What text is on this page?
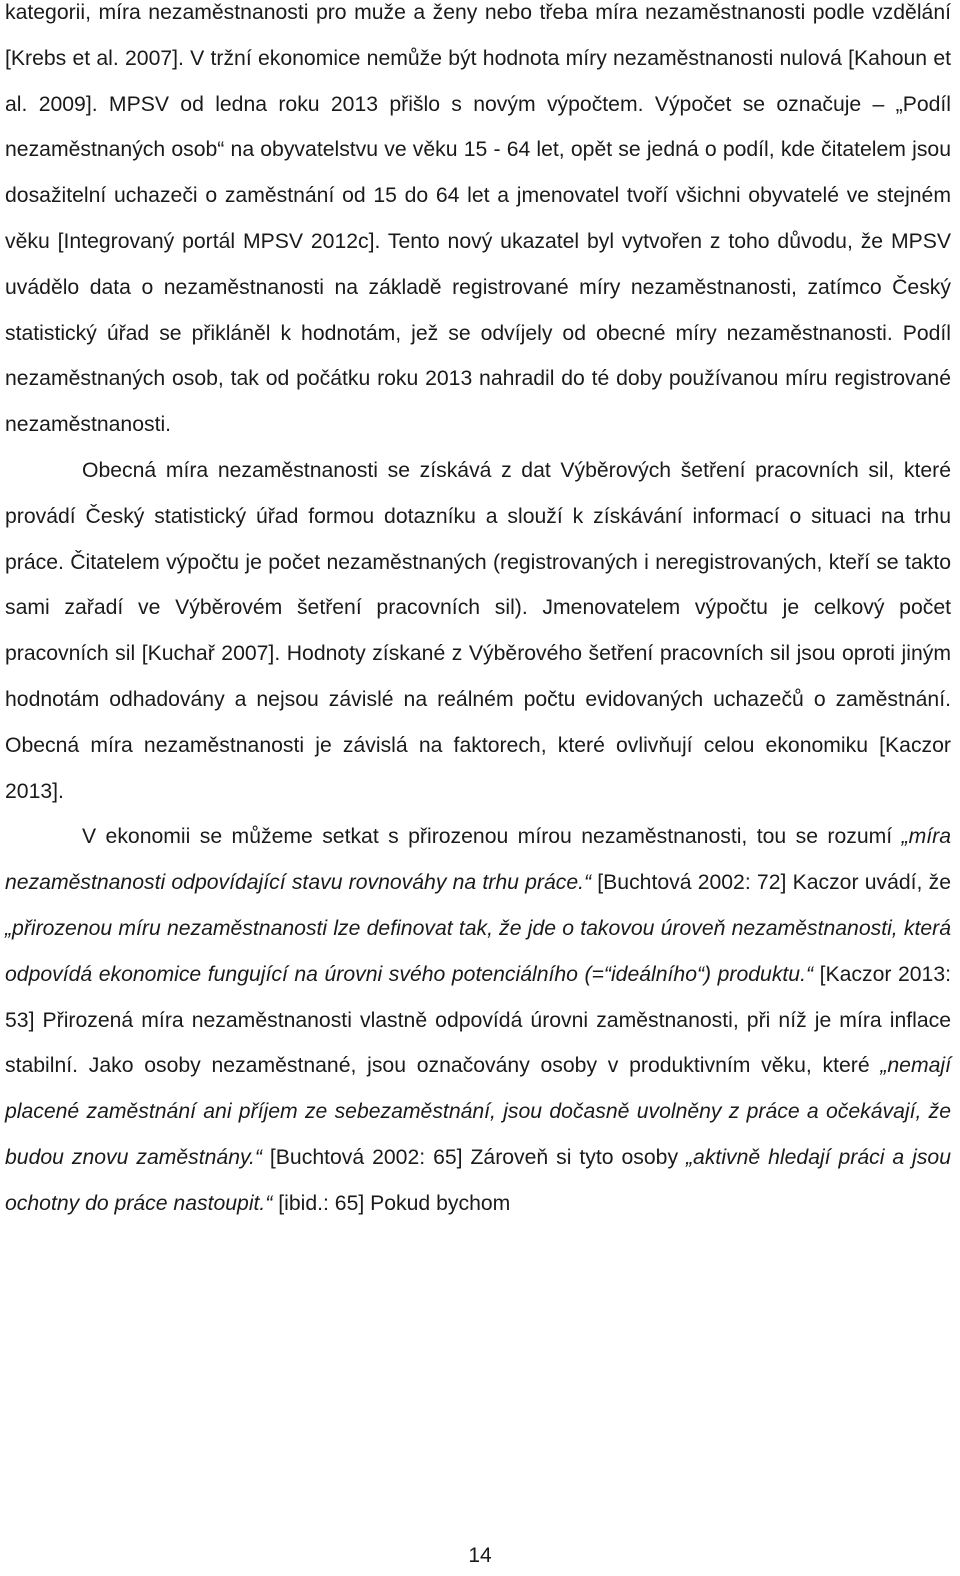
kategorii, míra nezaměstnanosti pro muže a ženy nebo třeba míra nezaměstnanosti podle vzdělání [Krebs et al. 2007]. V tržní ekonomice nemůže být hodnota míry nezaměstnanosti nulová [Kahoun et al. 2009]. MPSV od ledna roku 2013 přišlo s novým výpočtem. Výpočet se označuje – „Podíl nezaměstnaných osob“ na obyvatelstvu ve věku 15 - 64 let, opět se jedná o podíl, kde čitatelem jsou dosažitelní uchazeči o zaměstnání od 15 do 64 let a jmenovatel tvoří všichni obyvatelé ve stejném věku [Integrovaný portál MPSV 2012c]. Tento nový ukazatel byl vytvořen z toho důvodu, že MPSV uvádělo data o nezaměstnanosti na základě registrované míry nezaměstnanosti, zatímco Český statistický úřad se přikláněl k hodnotám, jež se odvíjely od obecné míry nezaměstnanosti. Podíl nezaměstnaných osob, tak od počátku roku 2013 nahradil do té doby používanou míru registrované nezaměstnanosti.

Obecná míra nezaměstnanosti se získává z dat Výběrových šetření pracovních sil, které provádí Český statistický úřad formou dotazníku a slouží k získávání informací o situaci na trhu práce. Čitatelem výpočtu je počet nezaměstnaných (registrovaných i neregistrovaných, kteří se takto sami zařadí ve Výběrovém šetření pracovních sil). Jmenovatelem výpočtu je celkový počet pracovních sil [Kuchař 2007]. Hodnoty získané z Výběrového šetření pracovních sil jsou oproti jiným hodnotám odhadovány a nejsou závislé na reálném počtu evidovaných uchazečů o zaměstnání. Obecná míra nezaměstnanosti je závislá na faktorech, které ovlivňují celou ekonomiku [Kaczor 2013].

V ekonomii se můžeme setkat s přirozenou mírou nezaměstnanosti, tou se rozumí „míra nezaměstnanosti odpovídající stavu rovnováhy na trhu práce.“ [Buchtová 2002: 72] Kaczor uvádí, že „přirozenou míru nezaměstnanosti lze definovat tak, že jde o takovou úroveň nezaměstnanosti, která odpovídá ekonomice fungující na úrovni svého potenciálního (=“ideálního“) produktu.“ [Kaczor 2013: 53] Přirozená míra nezaměstnanosti vlastně odpovídá úrovni zaměstnanosti, při níž je míra inflace stabilní. Jako osoby nezaměstnané, jsou označovány osoby v produktivním věku, které „nemají placené zaměstnání ani příjem ze sebezaměstnání, jsou dočasně uvolněny z práce a očekávají, že budou znovu zaměstnány.“ [Buchtová 2002: 65] Zároveň si tyto osoby „aktivně hledají práci a jsou ochotny do práce nastoupit.“ [ibid.: 65] Pokud bychom

14
